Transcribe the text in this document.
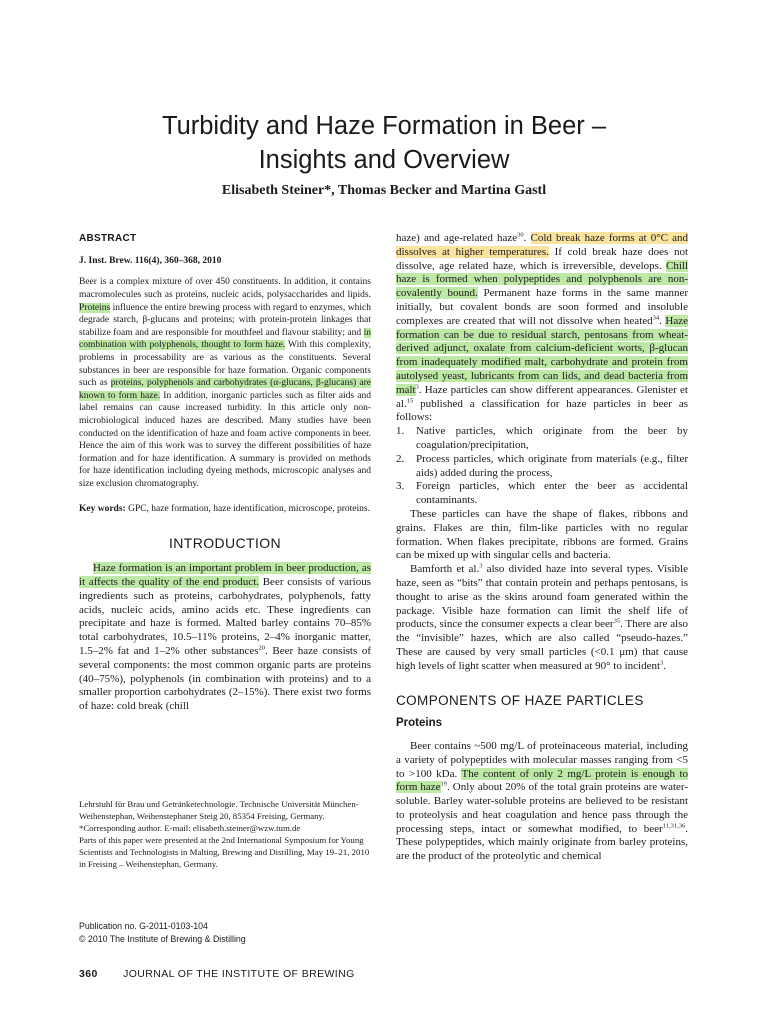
Turbidity and Haze Formation in Beer –
Insights and Overview
Elisabeth Steiner*, Thomas Becker and Martina Gastl
ABSTRACT
J. Inst. Brew. 116(4), 360–368, 2010

Beer is a complex mixture of over 450 constituents. In addition, it contains macromolecules such as proteins, nucleic acids, polysaccharides and lipids. Proteins influence the entire brewing process with regard to enzymes, which degrade starch, β-glucans and proteins; with protein-protein linkages that stabilize foam and are responsible for mouthfeel and flavour stability; and in combination with polyphenols, thought to form haze. With this complexity, problems in processability are as various as the constituents. Several substances in beer are responsible for haze formation. Organic components such as proteins, polyphenols and carbohydrates (α-glucans, β-glucans) are known to form haze. In addition, inorganic particles such as filter aids and label remains can cause increased turbidity. In this article only non-microbiological induced hazes are described. Many studies have been conducted on the identification of haze and foam active components in beer. Hence the aim of this work was to survey the different possibilities of haze formation and for haze identification. A summary is provided on methods for haze identification including dyeing methods, microscopic analyses and size exclusion chromatography.

Key words: GPC, haze formation, haze identification, microscope, proteins.

INTRODUCTION

Haze formation is an important problem in beer production, as it affects the quality of the end product. Beer consists of various ingredients such as proteins, carbohydrates, polyphenols, fatty acids, nucleic acids, amino acids etc. These ingredients can precipitate and haze is formed. Malted barley contains 70–85% total carbohydrates, 10.5–11% proteins, 2–4% inorganic matter, 1.5–2% fat and 1–2% other substances$^{20}$. Beer haze consists of several components: the most common organic parts are proteins (40–75%), polyphenols (in combination with proteins) and to a smaller proportion carbohydrates (2–15%). There exist two forms of haze: cold break (chill

Lehrstuhl für Brau und Getränketechnologie. Technische Universität München-Weihenstephan, Weihenstephaner Steig 20, 85354 Freising, Germany.

*Corresponding author. E-mail: elisabeth.steiner@wzw.tum.de

Parts of this paper were presented at the 2nd International Symposium for Young Scientists and Technologists in Malting, Brewing and Distilling, May 19–21, 2010 in Freising – Weihenstephan, Germany.

Publication no. G-2011-0103-104

© 2010 The Institute of Brewing & Distilling

360 JOURNAL OF THE INSTITUTE OF BREWING

haze) and age-related haze$^{30}$. Cold break haze forms at 0°C and dissolves at higher temperatures. If cold break haze does not dissolve, age related haze, which is irreversible, develops. Chill haze is formed when polypeptides and polyphenols are non-covalently bound. Permanent haze forms in the same manner initially, but covalent bonds are soon formed and insoluble complexes are created that will not dissolve when heated$^{34}$. Haze formation can be due to residual starch, pentosans from wheat-derived adjunct, oxalate from calcium-deficient worts, β-glucan from inadequately modified malt, carbohydrate and protein from autolysed yeast, lubricants from can lids, and dead bacteria from malt$^3$. Haze particles can show different appearances. Glenister et al.$^{15}$ published a classification for haze particles in beer as follows:

1.	Native particles, which originate from the beer by coagulation/precipitation,
2.	Process particles, which originate from materials (e.g., filter aids) added during the process,
3.	Foreign particles, which enter the beer as accidental contaminants.

These particles can have the shape of flakes, ribbons and grains. Flakes are thin, film-like particles with no regular formation. When flakes precipitate, ribbons are formed. Grains can be mixed up with singular cells and bacteria.

Bamforth et al.$^3$ also divided haze into several types. Visible haze, seen as “bits” that contain protein and perhaps pentosans, is thought to arise as the skins around foam generated within the package. Visible haze formation can limit the shelf life of products, since the consumer expects a clear beer$^{35}$. There are also the “invisible” hazes, which are also called “pseudo-hazes.” These are caused by very small particles (<0.1 μm) that cause high levels of light scatter when measured at 90° to incident$^3$.

COMPONENTS OF HAZE PARTICLES
Proteins

Beer contains ~500 mg/L of proteinaceous material, including a variety of polypeptides with molecular masses ranging from <5 to >100 kDa. The content of only 2 mg/L protein is enough to form haze$^{19}$. Only about 20% of the total grain proteins are water-soluble. Barley water-soluble proteins are believed to be resistant to proteolysis and heat coagulation and hence pass through the processing steps, intact or somewhat modified, to beer$^{11,31,36}$. These polypeptides, which mainly originate from barley proteins, are the product of the proteolytic and chemical
